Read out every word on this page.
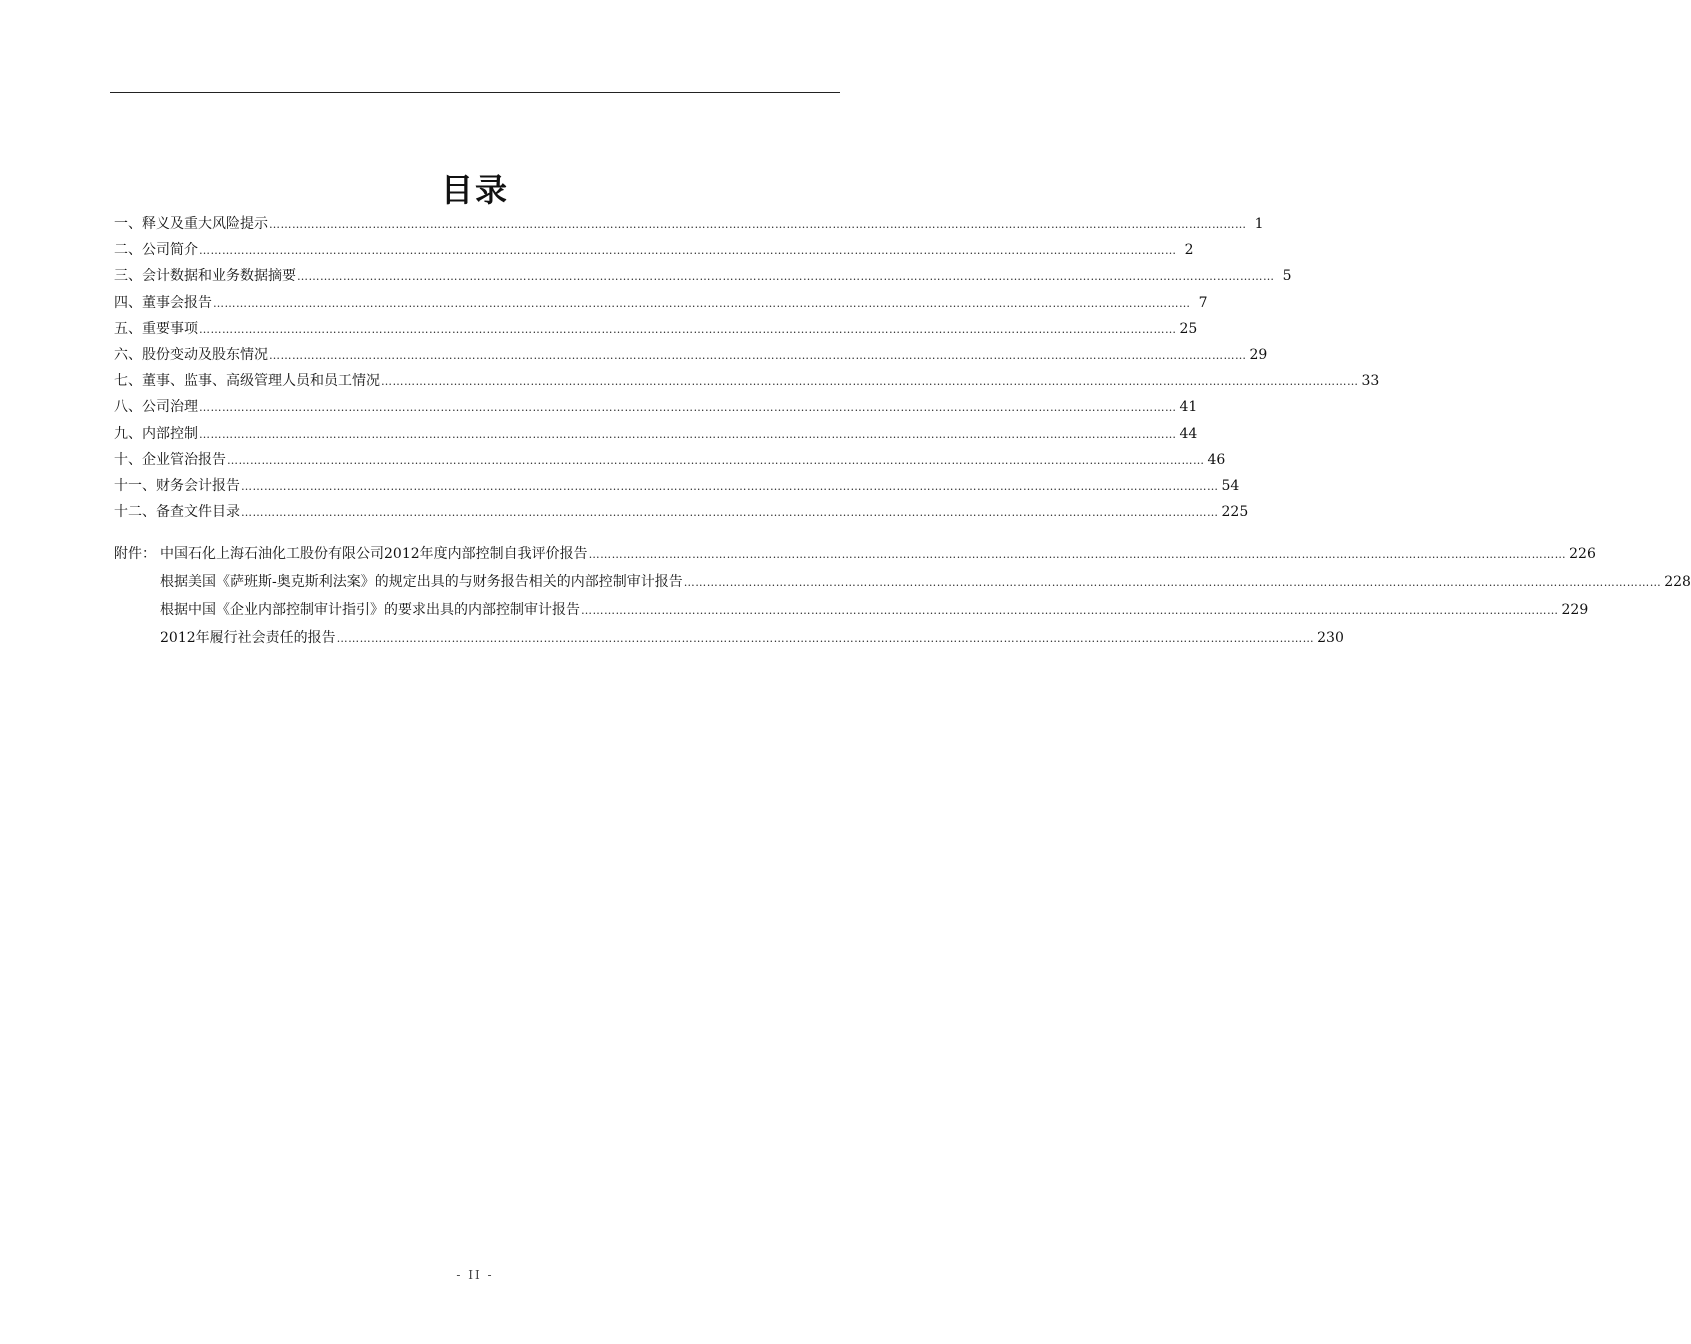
目录
一、释义及重大风险提示 ………………………………………………………………………………………………………………………………………………………………………………………………………………………………… 1
二、公司简介 ………………………………………………………………………………………………………………………………………………………………………………………………………………………………… 2
三、会计数据和业务数据摘要 ………………………………………………………………………………………………………………………………………………………………………………………………………………………………… 5
四、董事会报告 ………………………………………………………………………………………………………………………………………………………………………………………………………………………………… 7
五、重要事项 ………………………………………………………………………………………………………………………………………………………………………………………………………………………………… 25
六、股份变动及股东情况 ………………………………………………………………………………………………………………………………………………………………………………………………………………………………… 29
七、董事、监事、高级管理人员和员工情况 ………………………………………………………………………………………………………………………………………………………………………………………………………………………………… 33
八、公司治理 ………………………………………………………………………………………………………………………………………………………………………………………………………………………………… 41
九、内部控制 ………………………………………………………………………………………………………………………………………………………………………………………………………………………………… 44
十、企业管治报告 ………………………………………………………………………………………………………………………………………………………………………………………………………………………………… 46
十一、财务会计报告 ………………………………………………………………………………………………………………………………………………………………………………………………………………………………… 54
十二、备查文件目录 ………………………………………………………………………………………………………………………………………………………………………………………………………………………………… 225
附件： 中国石化上海石油化工股份有限公司2012年度内部控制自我评价报告 ………………………………………………………………………………………………………………………………………………………………………………………………………………………………… 226
根据美国《萨班斯-奥克斯利法案》的规定出具的与财务报告相关的内部控制审计报告 ………………………………………………………………………………………………………………………………………………………………………………………………………………………………… 228
根据中国《企业内部控制审计指引》的要求出具的内部控制审计报告 ………………………………………………………………………………………………………………………………………………………………………………………………………………………………… 229
2012年履行社会责任的报告 ………………………………………………………………………………………………………………………………………………………………………………………………………………………………… 230
- II -
